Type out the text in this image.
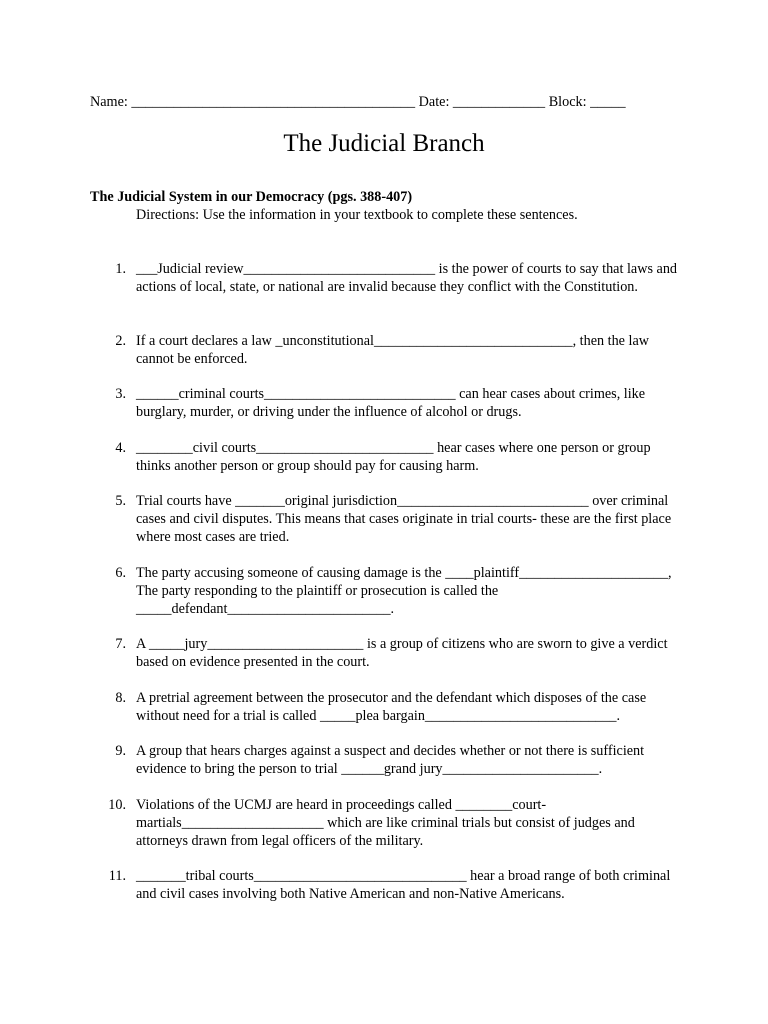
Name: ________________________________________ Date: _____________ Block: _____
The Judicial Branch
The Judicial System in our Democracy (pgs. 388-407)
Directions: Use the information in your textbook to complete these sentences.
1. ___Judicial review___________________________ is the power of courts to say that laws and actions of local, state, or national are invalid because they conflict with the Constitution.
2. If a court declares a law _unconstitutional____________________________, then the law cannot be enforced.
3. ______criminal courts___________________________ can hear cases about crimes, like burglary, murder, or driving under the influence of alcohol or drugs.
4. ________civil courts_________________________ hear cases where one person or group thinks another person or group should pay for causing harm.
5. Trial courts have _______original jurisdiction___________________________ over criminal cases and civil disputes. This means that cases originate in trial courts- these are the first place where most cases are tried.
6. The party accusing someone of causing damage is the ____plaintiff_____________________, The party responding to the plaintiff or prosecution is called the _____defendant_______________________.
7. A _____jury______________________ is a group of citizens who are sworn to give a verdict based on evidence presented in the court.
8. A pretrial agreement between the prosecutor and the defendant which disposes of the case without need for a trial is called _____plea bargain___________________________.
9. A group that hears charges against a suspect and decides whether or not there is sufficient evidence to bring the person to trial ______grand jury______________________.
10. Violations of the UCMJ are heard in proceedings called ________court-martials____________________ which are like criminal trials but consist of judges and attorneys drawn from legal officers of the military.
11. _______tribal courts______________________________ hear a broad range of both criminal and civil cases involving both Native American and non-Native Americans.
